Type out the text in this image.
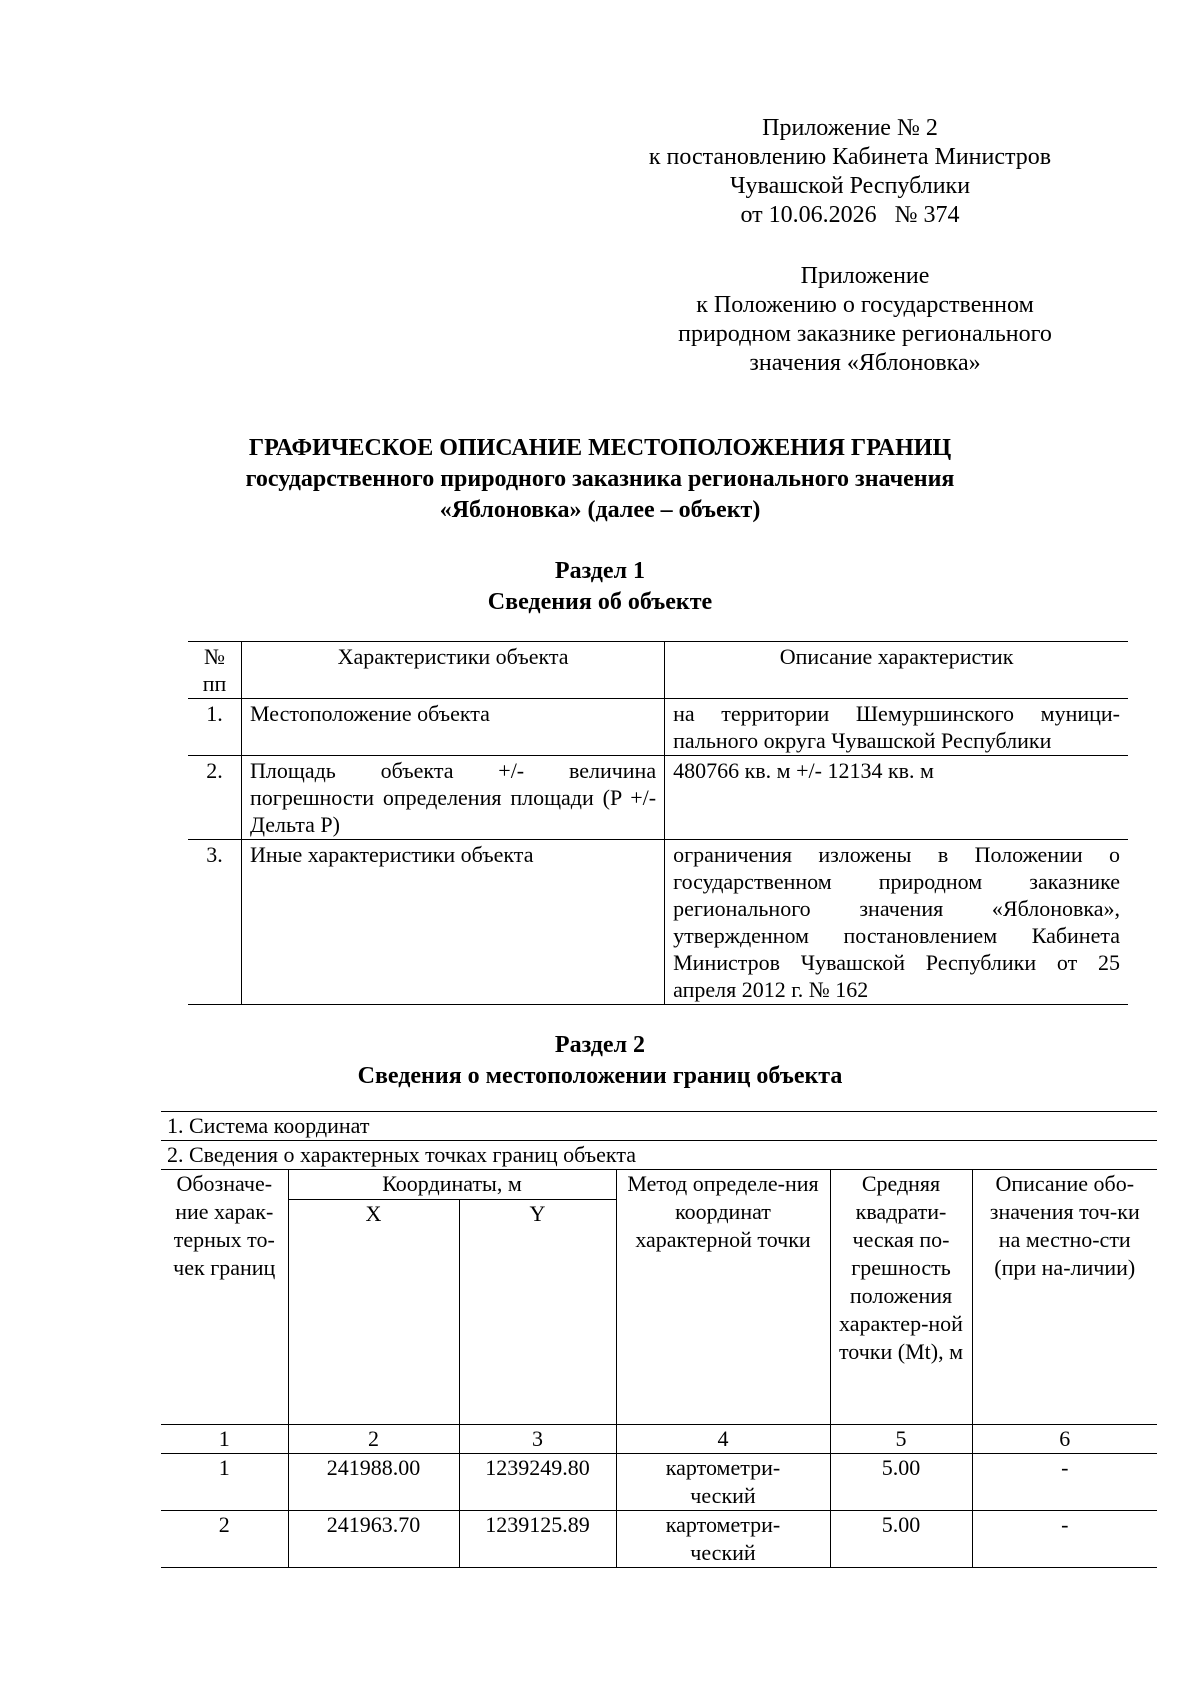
Приложение № 2
к постановлению Кабинета Министров
Чувашской Республики
от 10.06.2026   № 374
Приложение
к Положению о государственном
природном заказнике регионального
значения «Яблоновка»
ГРАФИЧЕСКОЕ ОПИСАНИЕ МЕСТОПОЛОЖЕНИЯ ГРАНИЦ
государственного природного заказника регионального значения
«Яблоновка» (далее – объект)
Раздел 1
Сведения об объекте
№ пп	Характеристики объекта	Описание характеристик
1.	Местоположение объекта	на территории Шемуршинского муници-пального округа Чувашской Республики
2.	Площадь объекта +/- величина погрешности определения площади (P +/- Дельта P)	480766 кв. м +/- 12134 кв. м
3.	Иные характеристики объекта	ограничения изложены в Положении о государственном природном заказнике регионального значения «Яблоновка», утвержденном постановлением Кабинета Министров Чувашской Республики от 25 апреля 2012 г. № 162
Раздел 2
Сведения о местоположении границ объекта
1. Система координат					
2. Сведения о характерных точках границ объекта					
Обозначе-ние харак-терных то-чек границ	Координаты, м		Метод определе-ния координат характерной точки	Средняя квадрати-ческая по-грешность положения характер-ной точки (Mt), м	Описание обо-значения точ-ки на местно-сти (при на-личии)
	X	Y			
1	2	3	4	5	6
1	241988.00	1239249.80	картометри-ческий	5.00	-
2	241963.70	1239125.89	картометри-ческий	5.00	-
